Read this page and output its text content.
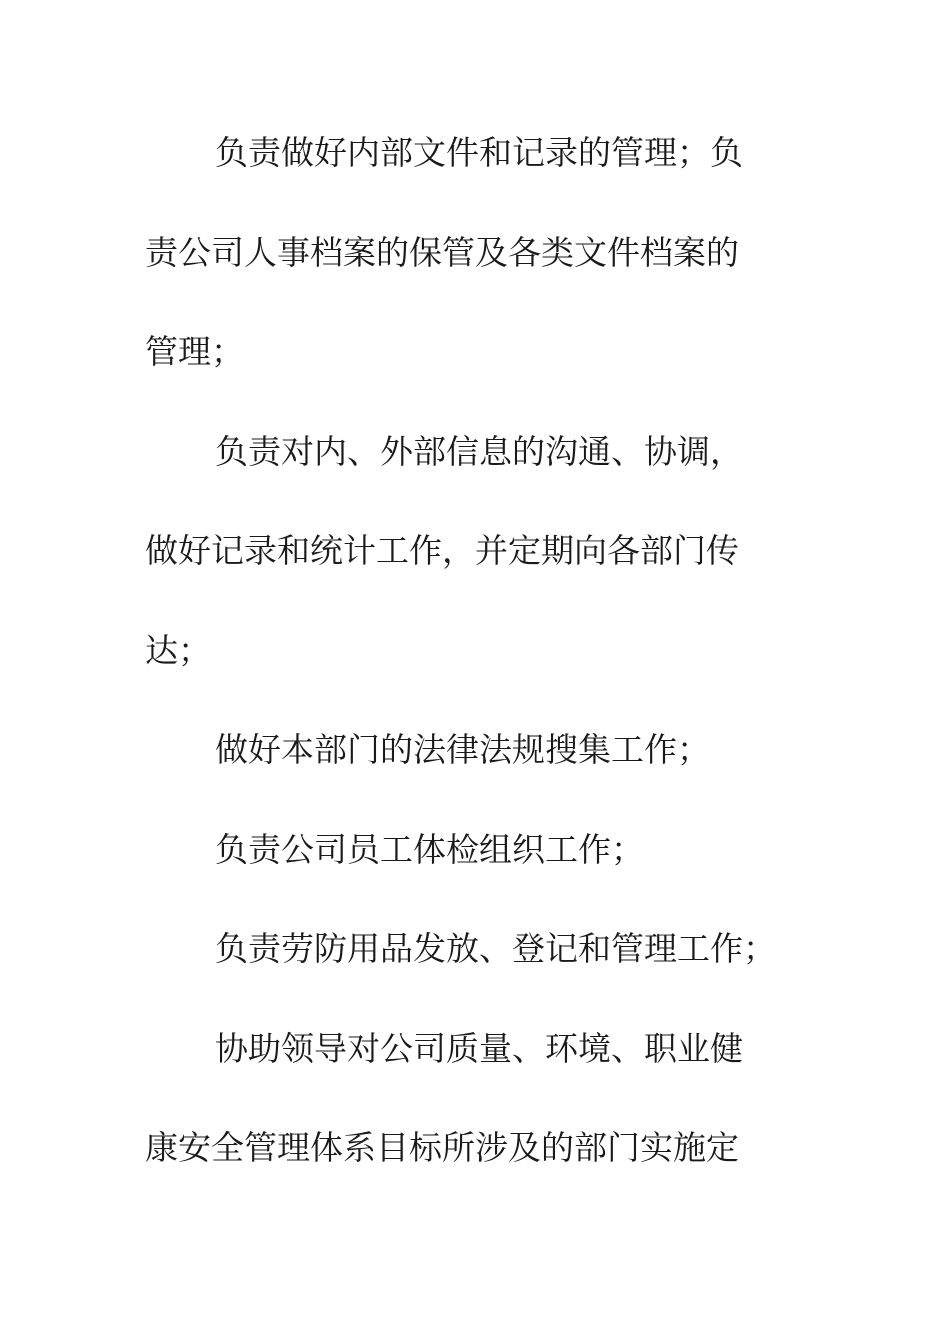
负责做好内部文件和记录的管理；负
责公司人事档案的保管及各类文件档案的
管理；
负责对内、外部信息的沟通、协调，
做好记录和统计工作，并定期向各部门传
达；
做好本部门的法律法规搜集工作；
负责公司员工体检组织工作；
负责劳防用品发放、登记和管理工作；
协助领导对公司质量、环境、职业健
康安全管理体系目标所涉及的部门实施定
